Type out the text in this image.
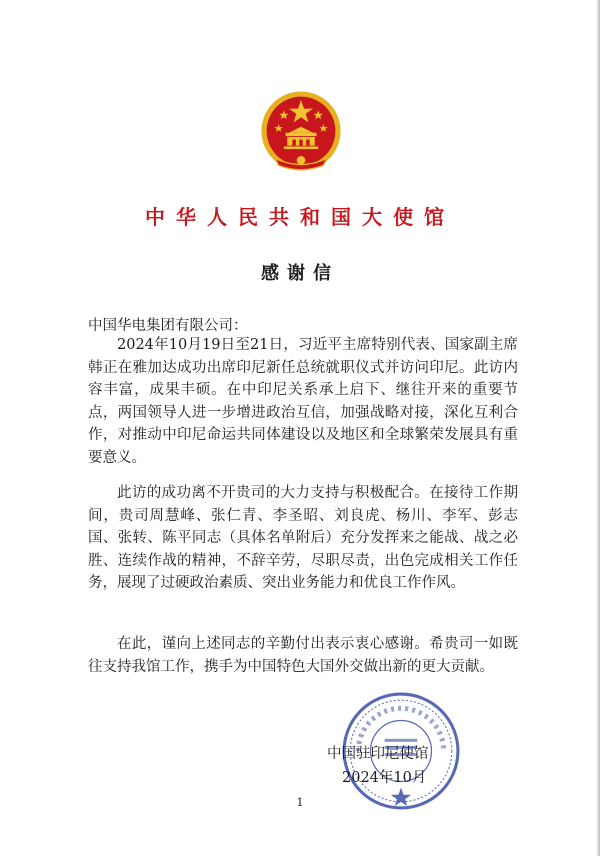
中华人民共和国大使馆
感谢信
中国华电集团有限公司：
2024年10月19日至21日，习近平主席特别代表、国家副主席韩正在雅加达成功出席印尼新任总统就职仪式并访问印尼。此访内容丰富，成果丰硕。在中印尼关系承上启下、继往开来的重要节点，两国领导人进一步增进政治互信，加强战略对接，深化互利合作，对推动中印尼命运共同体建设以及地区和全球繁荣发展具有重要意义。
此访的成功离不开贵司的大力支持与积极配合。在接待工作期间，贵司周慧峰、张仁青、李圣昭、刘良虎、杨川、李军、彭志国、张转、陈平同志（具体名单附后）充分发挥来之能战、战之必胜、连续作战的精神，不辞辛劳，尽职尽责，出色完成相关工作任务，展现了过硬政治素质、突出业务能力和优良工作作风。
在此，谨向上述同志的辛勤付出表示衷心感谢。希贵司一如既往支持我馆工作，携手为中国特色大国外交做出新的更大贡献。
中国驻印尼使馆
2024年10月
1
